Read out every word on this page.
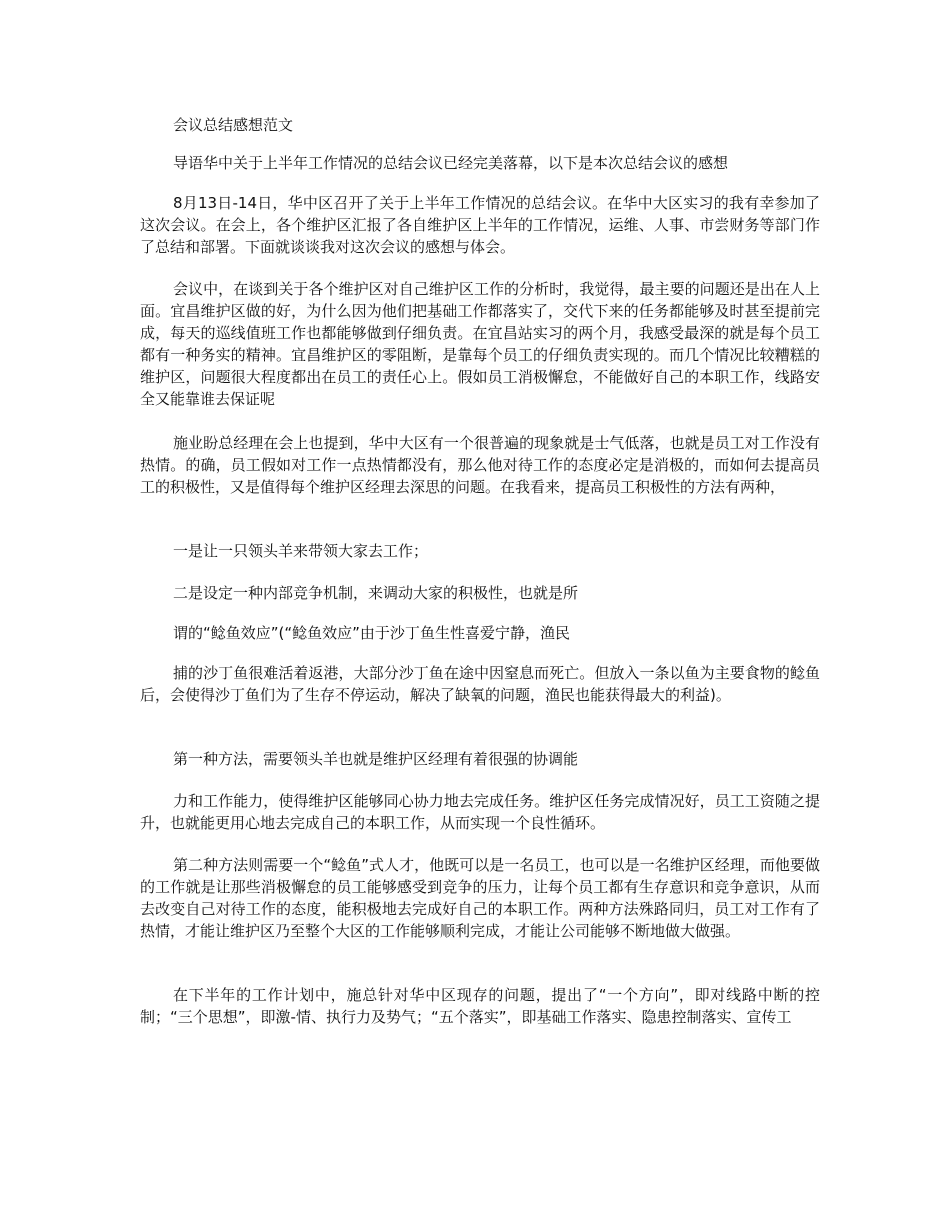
会议总结感想范文

导语华中关于上半年工作情况的总结会议已经完美落幕，以下是本次总结会议的感想

8月13日-14日，华中区召开了关于上半年工作情况的总结会议。在华中大区实习的我有幸参加了这次会议。在会上，各个维护区汇报了各自维护区上半年的工作情况，运维、人事、市尝财务等部门作了总结和部署。下面就谈谈我对这次会议的感想与体会。

会议中，在谈到关于各个维护区对自己维护区工作的分析时，我觉得，最主要的问题还是出在人上面。宜昌维护区做的好，为什么因为他们把基础工作都落实了，交代下来的任务都能够及时甚至提前完成，每天的巡线值班工作也都能够做到仔细负责。在宜昌站实习的两个月，我感受最深的就是每个员工都有一种务实的精神。宜昌维护区的零阻断，是靠每个员工的仔细负责实现的。而几个情况比较糟糕的维护区，问题很大程度都出在员工的责任心上。假如员工消极懈怠，不能做好自己的本职工作，线路安全又能靠谁去保证呢

施业盼总经理在会上也提到，华中大区有一个很普遍的现象就是士气低落，也就是员工对工作没有热情。的确，员工假如对工作一点热情都没有，那么他对待工作的态度必定是消极的，而如何去提高员工的积极性，又是值得每个维护区经理去深思的问题。在我看来，提高员工积极性的方法有两种，

一是让一只领头羊来带领大家去工作；

二是设定一种内部竞争机制，来调动大家的积极性，也就是所

谓的“鲶鱼效应”(“鲶鱼效应”由于沙丁鱼生性喜爱宁静，渔民

捕的沙丁鱼很难活着返港，大部分沙丁鱼在途中因窒息而死亡。但放入一条以鱼为主要食物的鲶鱼后，会使得沙丁鱼们为了生存不停运动，解决了缺氧的问题，渔民也能获得最大的利益)。

第一种方法，需要领头羊也就是维护区经理有着很强的协调能

力和工作能力，使得维护区能够同心协力地去完成任务。维护区任务完成情况好，员工工资随之提升，也就能更用心地去完成自己的本职工作，从而实现一个良性循环。

第二种方法则需要一个“鲶鱼”式人才，他既可以是一名员工，也可以是一名维护区经理，而他要做的工作就是让那些消极懈怠的员工能够感受到竞争的压力，让每个员工都有生存意识和竞争意识，从而去改变自己对待工作的态度，能积极地去完成好自己的本职工作。两种方法殊路同归，员工对工作有了热情，才能让维护区乃至整个大区的工作能够顺利完成，才能让公司能够不断地做大做强。

在下半年的工作计划中，施总针对华中区现存的问题，提出了“一个方向”，即对线路中断的控制；“三个思想”，即激-情、执行力及势气；“五个落实”，即基础工作落实、隐患控制落实、宣传工
